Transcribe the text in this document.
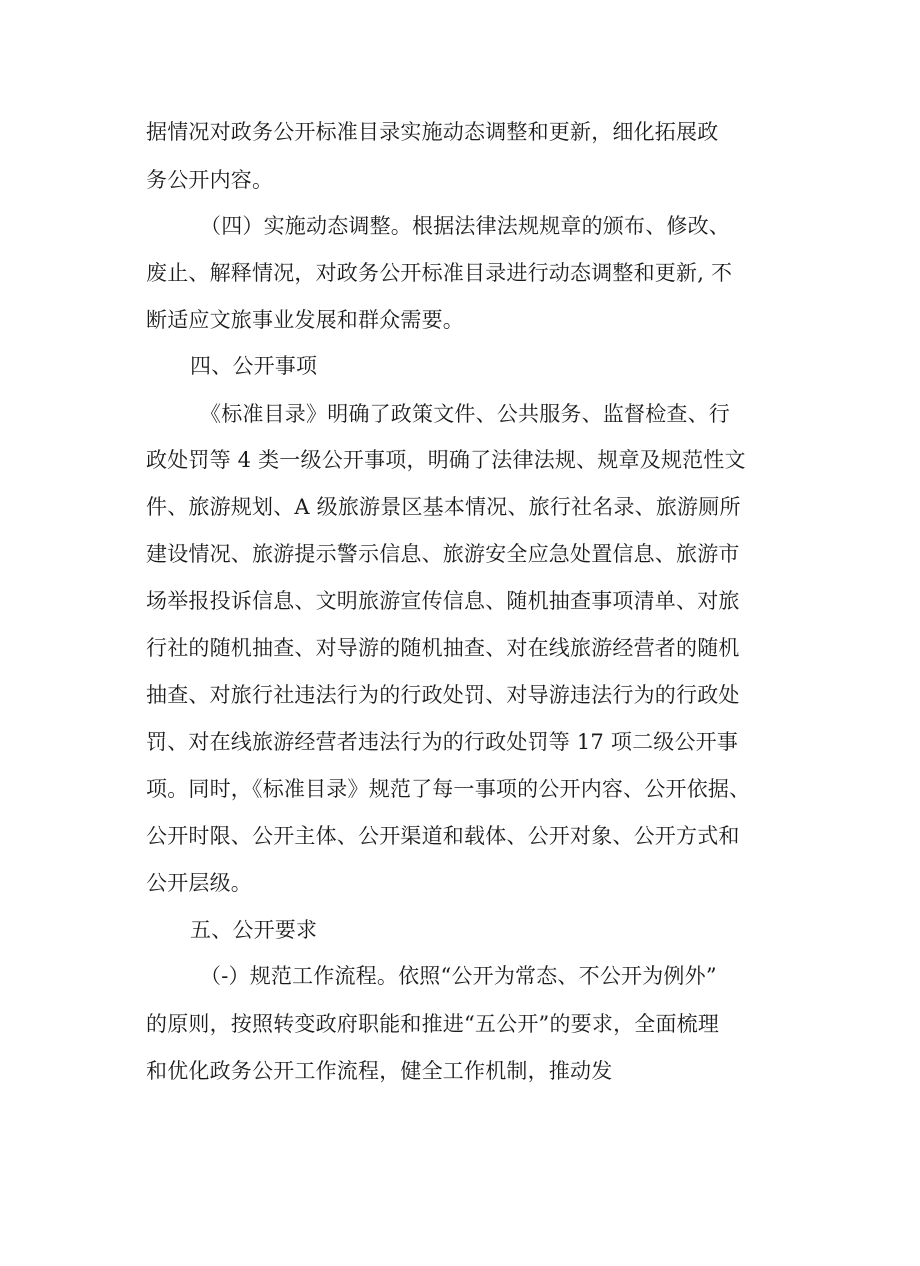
据情况对政务公开标准目录实施动态调整和更新，细化拓展政
务公开内容。
（四）实施动态调整。根据法律法规规章的颁布、修改、
废止、解释情况，对政务公开标准目录进行动态调整和更新, 不
断适应文旅事业发展和群众需要。
四、公开事项
《标准目录》明确了政策文件、公共服务、监督检查、行
政处罚等 4 类一级公开事项，明确了法律法规、规章及规范性文
件、旅游规划、A 级旅游景区基本情况、旅行社名录、旅游厕所
建设情况、旅游提示警示信息、旅游安全应急处置信息、旅游市
场举报投诉信息、文明旅游宣传信息、随机抽查事项清单、对旅
行社的随机抽查、对导游的随机抽查、对在线旅游经营者的随机
抽查、对旅行社违法行为的行政处罚、对导游违法行为的行政处
罚、对在线旅游经营者违法行为的行政处罚等 17 项二级公开事
项。同时，《标准目录》规范了每一事项的公开内容、公开依据、
公开时限、公开主体、公开渠道和载体、公开对象、公开方式和
公开层级。
五、公开要求
（-）规范工作流程。依照“公开为常态、不公开为例外”
的原则，按照转变政府职能和推进“五公开”的要求，全面梳理
和优化政务公开工作流程，健全工作机制，推动发
